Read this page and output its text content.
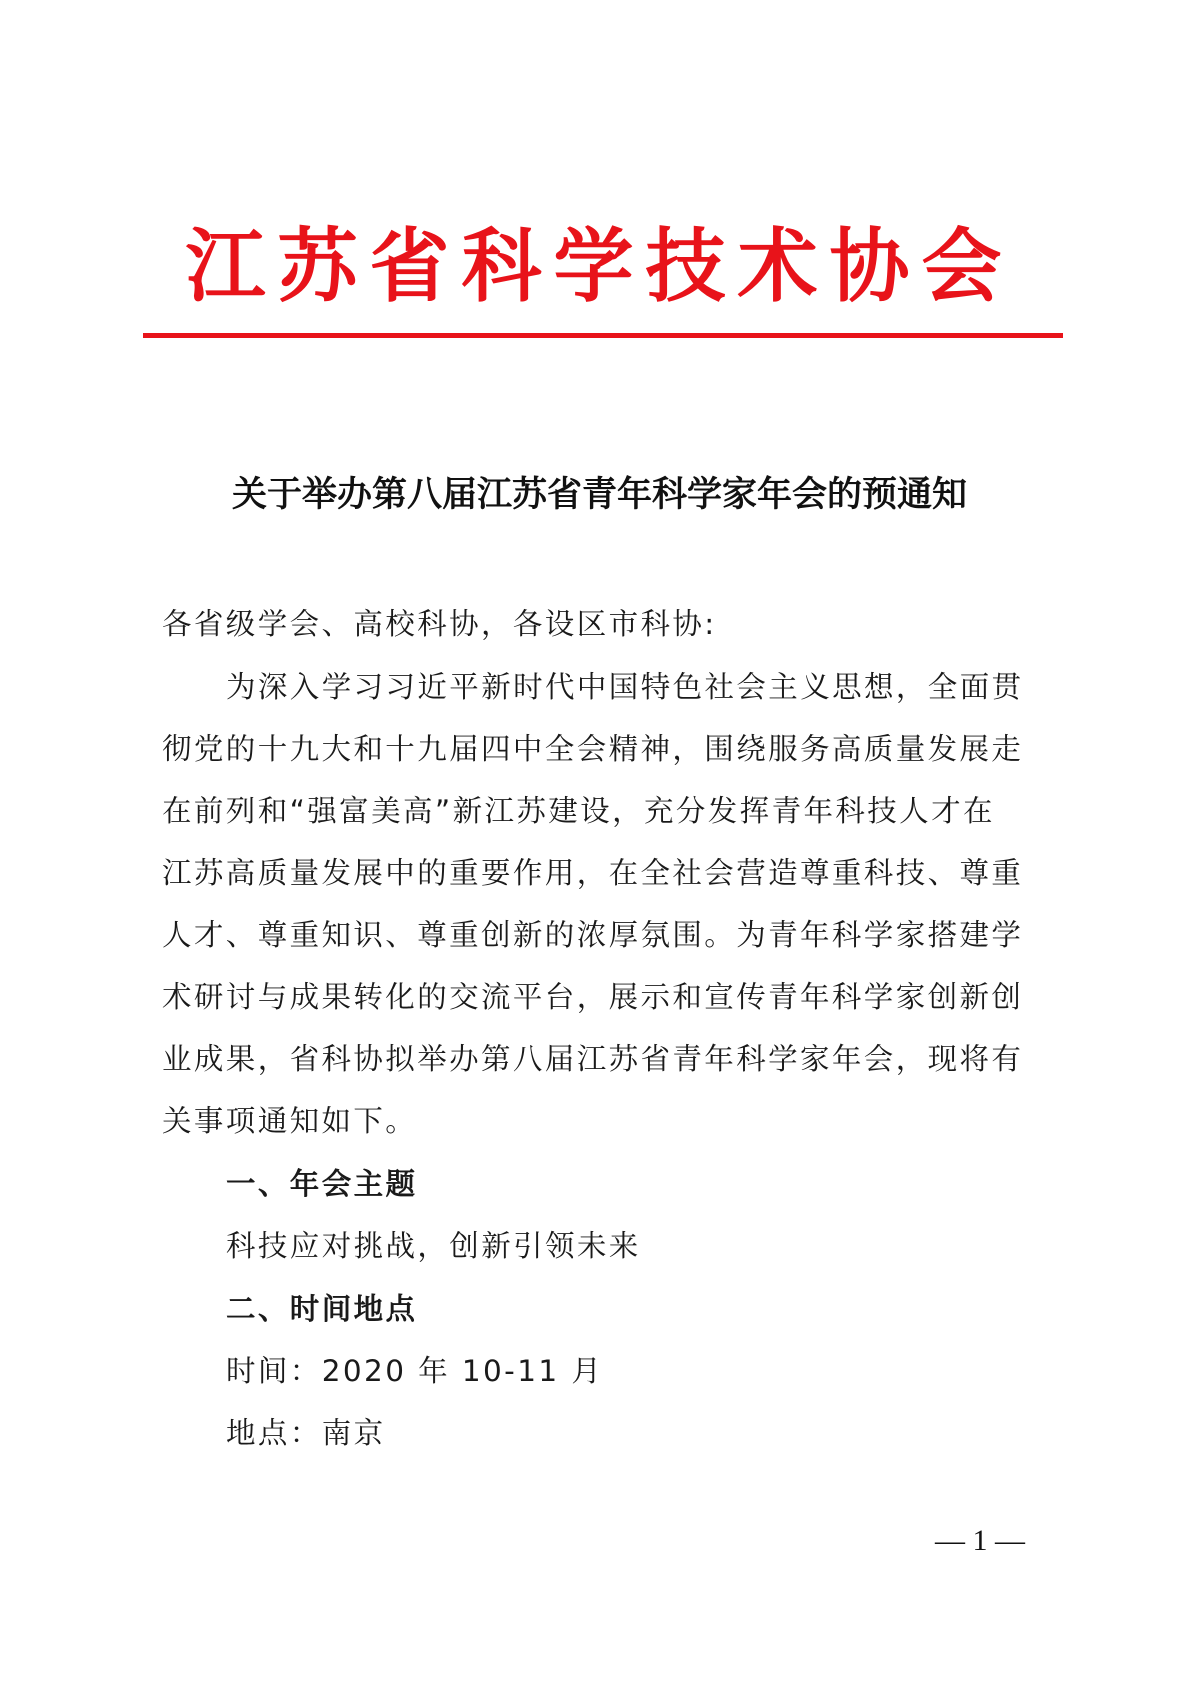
江苏省科学技术协会
关于举办第八届江苏省青年科学家年会的预通知
各省级学会、高校科协，各设区市科协:
为深入学习习近平新时代中国特色社会主义思想，全面贯
彻党的十九大和十九届四中全会精神，围绕服务高质量发展走
在前列和“强富美高”新江苏建设，充分发挥青年科技人才在
江苏高质量发展中的重要作用，在全社会营造尊重科技、尊重
人才、尊重知识、尊重创新的浓厚氛围。为青年科学家搭建学
术研讨与成果转化的交流平台，展示和宣传青年科学家创新创
业成果，省科协拟举办第八届江苏省青年科学家年会，现将有
关事项通知如下。
一、年会主题
科技应对挑战，创新引领未来
二、时间地点
时间：2020 年 10-11 月
地点：南京
— 1 —
